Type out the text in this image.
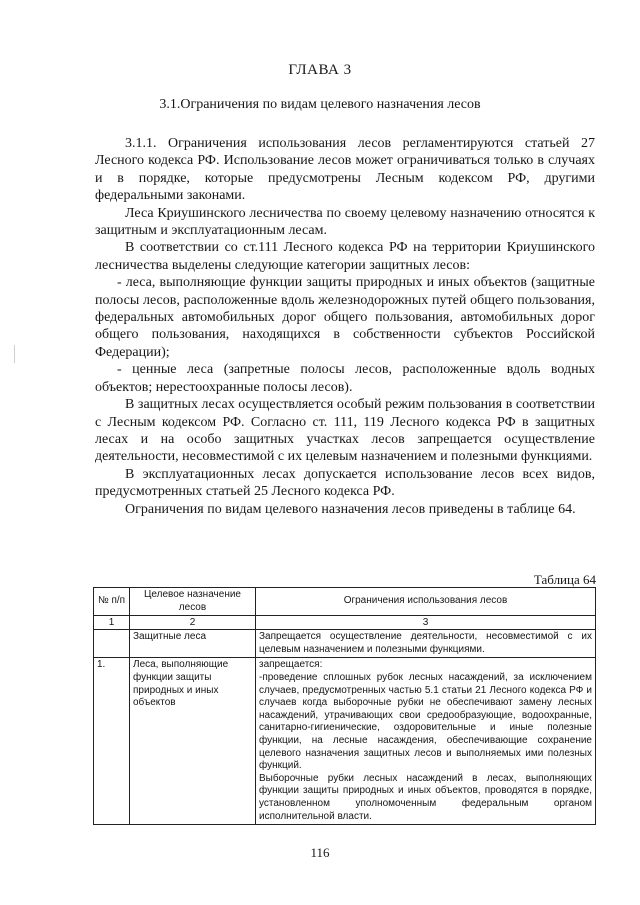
ГЛАВА 3
3.1.Ограничения по видам целевого назначения лесов

3.1.1. Ограничения использования лесов регламентируются статьей 27 Лесного кодекса РФ. Использование лесов может ограничиваться только в случаях и в порядке, которые предусмотрены Лесным кодексом РФ, другими федеральными законами.

Леса Криушинского лесничества по своему целевому назначению относятся к защитным и эксплуатационным лесам.

В соответствии со ст.111 Лесного кодекса РФ на территории Криушинского лесничества выделены следующие категории защитных лесов:

- леса, выполняющие функции защиты природных и иных объектов (защитные полосы лесов, расположенные вдоль железнодорожных путей общего пользования, федеральных автомобильных дорог общего пользования, автомобильных дорог общего пользования, находящихся в собственности субъектов Российской Федерации);

- ценные леса (запретные полосы лесов, расположенные вдоль водных объектов; нерестоохранные полосы лесов).

В защитных лесах осуществляется особый режим пользования в соответствии с Лесным кодексом РФ. Согласно ст. 111, 119 Лесного кодекса РФ в защитных лесах и на особо защитных участках лесов запрещается осуществление деятельности, несовместимой с их целевым назначением и полезными функциями.

В эксплуатационных лесах допускается использование лесов всех видов, предусмотренных статьей 25 Лесного кодекса РФ.

Ограничения по видам целевого назначения лесов приведены в таблице 64.

Таблица 64
№ п/п	Целевое назначение лесов	Ограничения использования лесов
1	2	3
	Защитные леса	Запрещается осуществление деятельности, несовместимой с их целевым назначением и полезными функциями.

1.	Леса, выполняющие функции защиты природных и иных объектов	запрещается:

-проведение сплошных рубок лесных насаждений, за исключением случаев, предусмотренных частью 5.1 статьи 21 Лесного кодекса РФ и случаев когда выборочные рубки не обеспечивают замену лесных насаждений, утрачивающих свои средообразующие, водоохранные, санитарно-гигиенические, оздоровительные и иные полезные функции, на лесные насаждения, обеспечивающие сохранение целевого назначения защитных лесов и выполняемых ими полезных функций.

Выборочные рубки лесных насаждений в лесах, выполняющих функции защиты природных и иных объектов, проводятся в порядке, установленном уполномоченным федеральным органом исполнительной власти.

116
